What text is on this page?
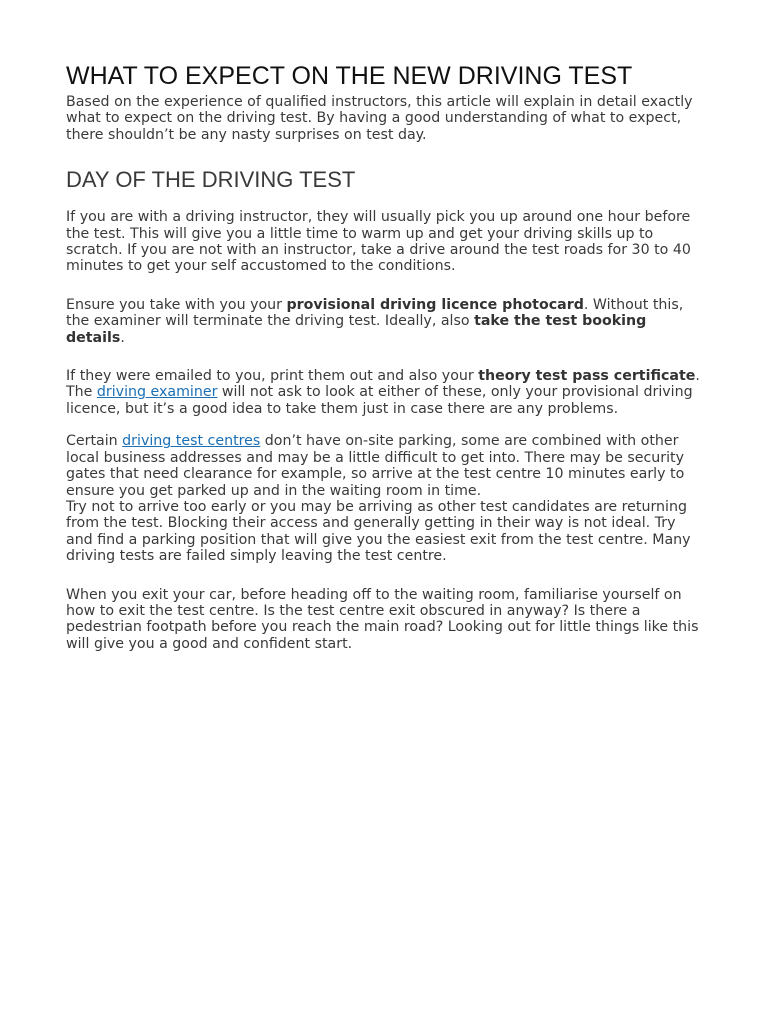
WHAT TO EXPECT ON THE NEW DRIVING TEST

Based on the experience of qualified instructors, this article will explain in detail exactly what to expect on the driving test. By having a good understanding of what to expect, there shouldn’t be any nasty surprises on test day.

DAY OF THE DRIVING TEST

If you are with a driving instructor, they will usually pick you up around one hour before the test. This will give you a little time to warm up and get your driving skills up to scratch. If you are not with an instructor, take a drive around the test roads for 30 to 40 minutes to get your self accustomed to the conditions.

Ensure you take with you your provisional driving licence photocard. Without this, the examiner will terminate the driving test. Ideally, also take the test booking details.

If they were emailed to you, print them out and also your theory test pass certificate. The driving examiner will not ask to look at either of these, only your provisional driving licence, but it’s a good idea to take them just in case there are any problems.

Certain driving test centres don’t have on-site parking, some are combined with other local business addresses and may be a little difficult to get into. There may be security gates that need clearance for example, so arrive at the test centre 10 minutes early to ensure you get parked up and in the waiting room in time.

Try not to arrive too early or you may be arriving as other test candidates are returning from the test. Blocking their access and generally getting in their way is not ideal. Try and find a parking position that will give you the easiest exit from the test centre. Many driving tests are failed simply leaving the test centre.

When you exit your car, before heading off to the waiting room, familiarise yourself on how to exit the test centre. Is the test centre exit obscured in anyway? Is there a pedestrian footpath before you reach the main road? Looking out for little things like this will give you a good and confident start.
